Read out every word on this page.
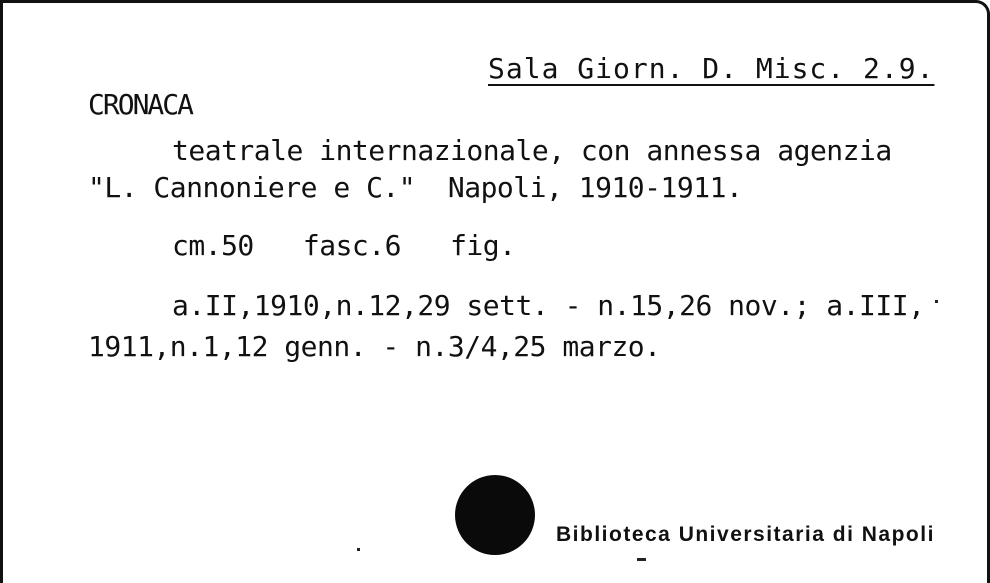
Sala Giorn. D. Misc. 2.9.
CRONACA
teatrale internazionale, con annessa agenzia
"L. Cannoniere e C."  Napoli, 1910-1911.
cm.50   fasc.6   fig.
a.II,1910,n.12,29 sett. - n.15,26 nov.; a.III,
1911,n.1,12 genn. - n.3/4,25 marzo.
Biblioteca Universitaria di Napoli
